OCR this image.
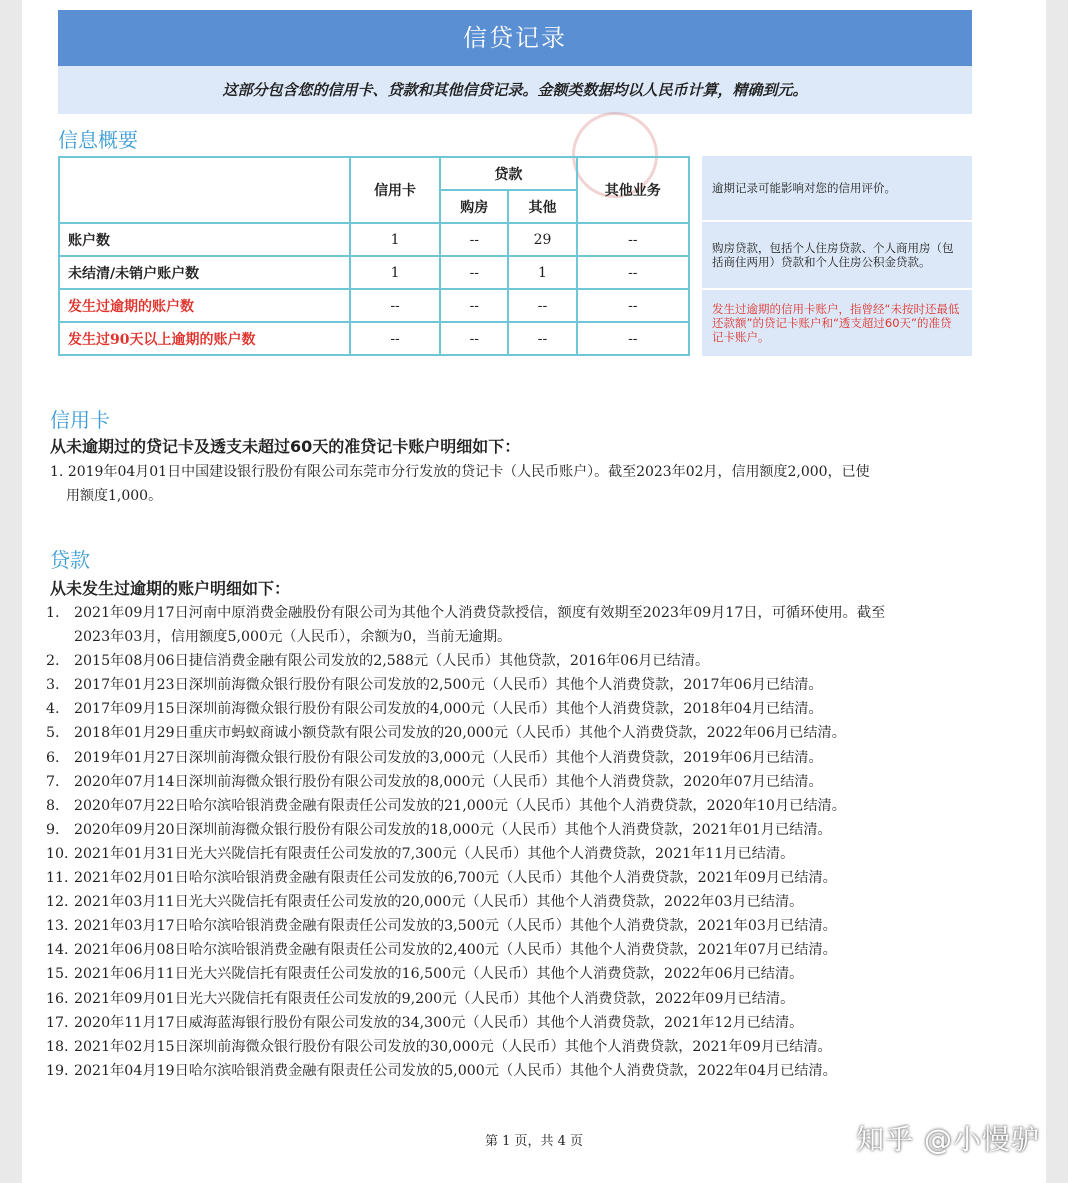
信贷记录
这部分包含您的信用卡、贷款和其他信贷记录。金额类数据均以人民币计算，精确到元。
信息概要
	信用卡	贷款		其他业务
		购房	其他	
账户数	1	--	29	--
未结清/未销户账户数	1	--	1	--
发生过逾期的账户数	--	--	--	--
发生过90天以上逾期的账户数	--	--	--	--
逾期记录可能影响对您的信用评价。
购房贷款，包括个人住房贷款、个人商用房（包括商住两用）贷款和个人住房公积金贷款。
发生过逾期的信用卡账户，指曾经“未按时还最低还款额”的贷记卡账户和“透支超过60天”的准贷记卡账户。
信用卡
从未逾期过的贷记卡及透支未超过60天的准贷记卡账户明细如下：
1. 2019年04月01日中国建设银行股份有限公司东莞市分行发放的贷记卡（人民币账户）。截至2023年02月，信用额度2,000，已使
用额度1,000。
贷款
从未发生过逾期的账户明细如下：
1.	2021年09月17日河南中原消费金融股份有限公司为其他个人消费贷款授信，额度有效期至2023年09月17日，可循环使用。截至
2023年03月，信用额度5,000元（人民币），余额为0，当前无逾期。
2.	2015年08月06日捷信消费金融有限公司发放的2,588元（人民币）其他贷款，2016年06月已结清。
3.	2017年01月23日深圳前海微众银行股份有限公司发放的2,500元（人民币）其他个人消费贷款，2017年06月已结清。
4.	2017年09月15日深圳前海微众银行股份有限公司发放的4,000元（人民币）其他个人消费贷款，2018年04月已结清。
5.	2018年01月29日重庆市蚂蚁商诚小额贷款有限公司发放的20,000元（人民币）其他个人消费贷款，2022年06月已结清。
6.	2019年01月27日深圳前海微众银行股份有限公司发放的3,000元（人民币）其他个人消费贷款，2019年06月已结清。
7.	2020年07月14日深圳前海微众银行股份有限公司发放的8,000元（人民币）其他个人消费贷款，2020年07月已结清。
8.	2020年07月22日哈尔滨哈银消费金融有限责任公司发放的21,000元（人民币）其他个人消费贷款，2020年10月已结清。
9.	2020年09月20日深圳前海微众银行股份有限公司发放的18,000元（人民币）其他个人消费贷款，2021年01月已结清。
10. 2021年01月31日光大兴陇信托有限责任公司发放的7,300元（人民币）其他个人消费贷款，2021年11月已结清。
11. 2021年02月01日哈尔滨哈银消费金融有限责任公司发放的6,700元（人民币）其他个人消费贷款，2021年09月已结清。
12. 2021年03月11日光大兴陇信托有限责任公司发放的20,000元（人民币）其他个人消费贷款，2022年03月已结清。
13. 2021年03月17日哈尔滨哈银消费金融有限责任公司发放的3,500元（人民币）其他个人消费贷款，2021年03月已结清。
14. 2021年06月08日哈尔滨哈银消费金融有限责任公司发放的2,400元（人民币）其他个人消费贷款，2021年07月已结清。
15. 2021年06月11日光大兴陇信托有限责任公司发放的16,500元（人民币）其他个人消费贷款，2022年06月已结清。
16. 2021年09月01日光大兴陇信托有限责任公司发放的9,200元（人民币）其他个人消费贷款，2022年09月已结清。
17. 2020年11月17日威海蓝海银行股份有限公司发放的34,300元（人民币）其他个人消费贷款，2021年12月已结清。
18. 2021年02月15日深圳前海微众银行股份有限公司发放的30,000元（人民币）其他个人消费贷款，2021年09月已结清。
19. 2021年04月19日哈尔滨哈银消费金融有限责任公司发放的5,000元（人民币）其他个人消费贷款，2022年04月已结清。
第 1 页，共 4 页	知乎 @小慢驴
